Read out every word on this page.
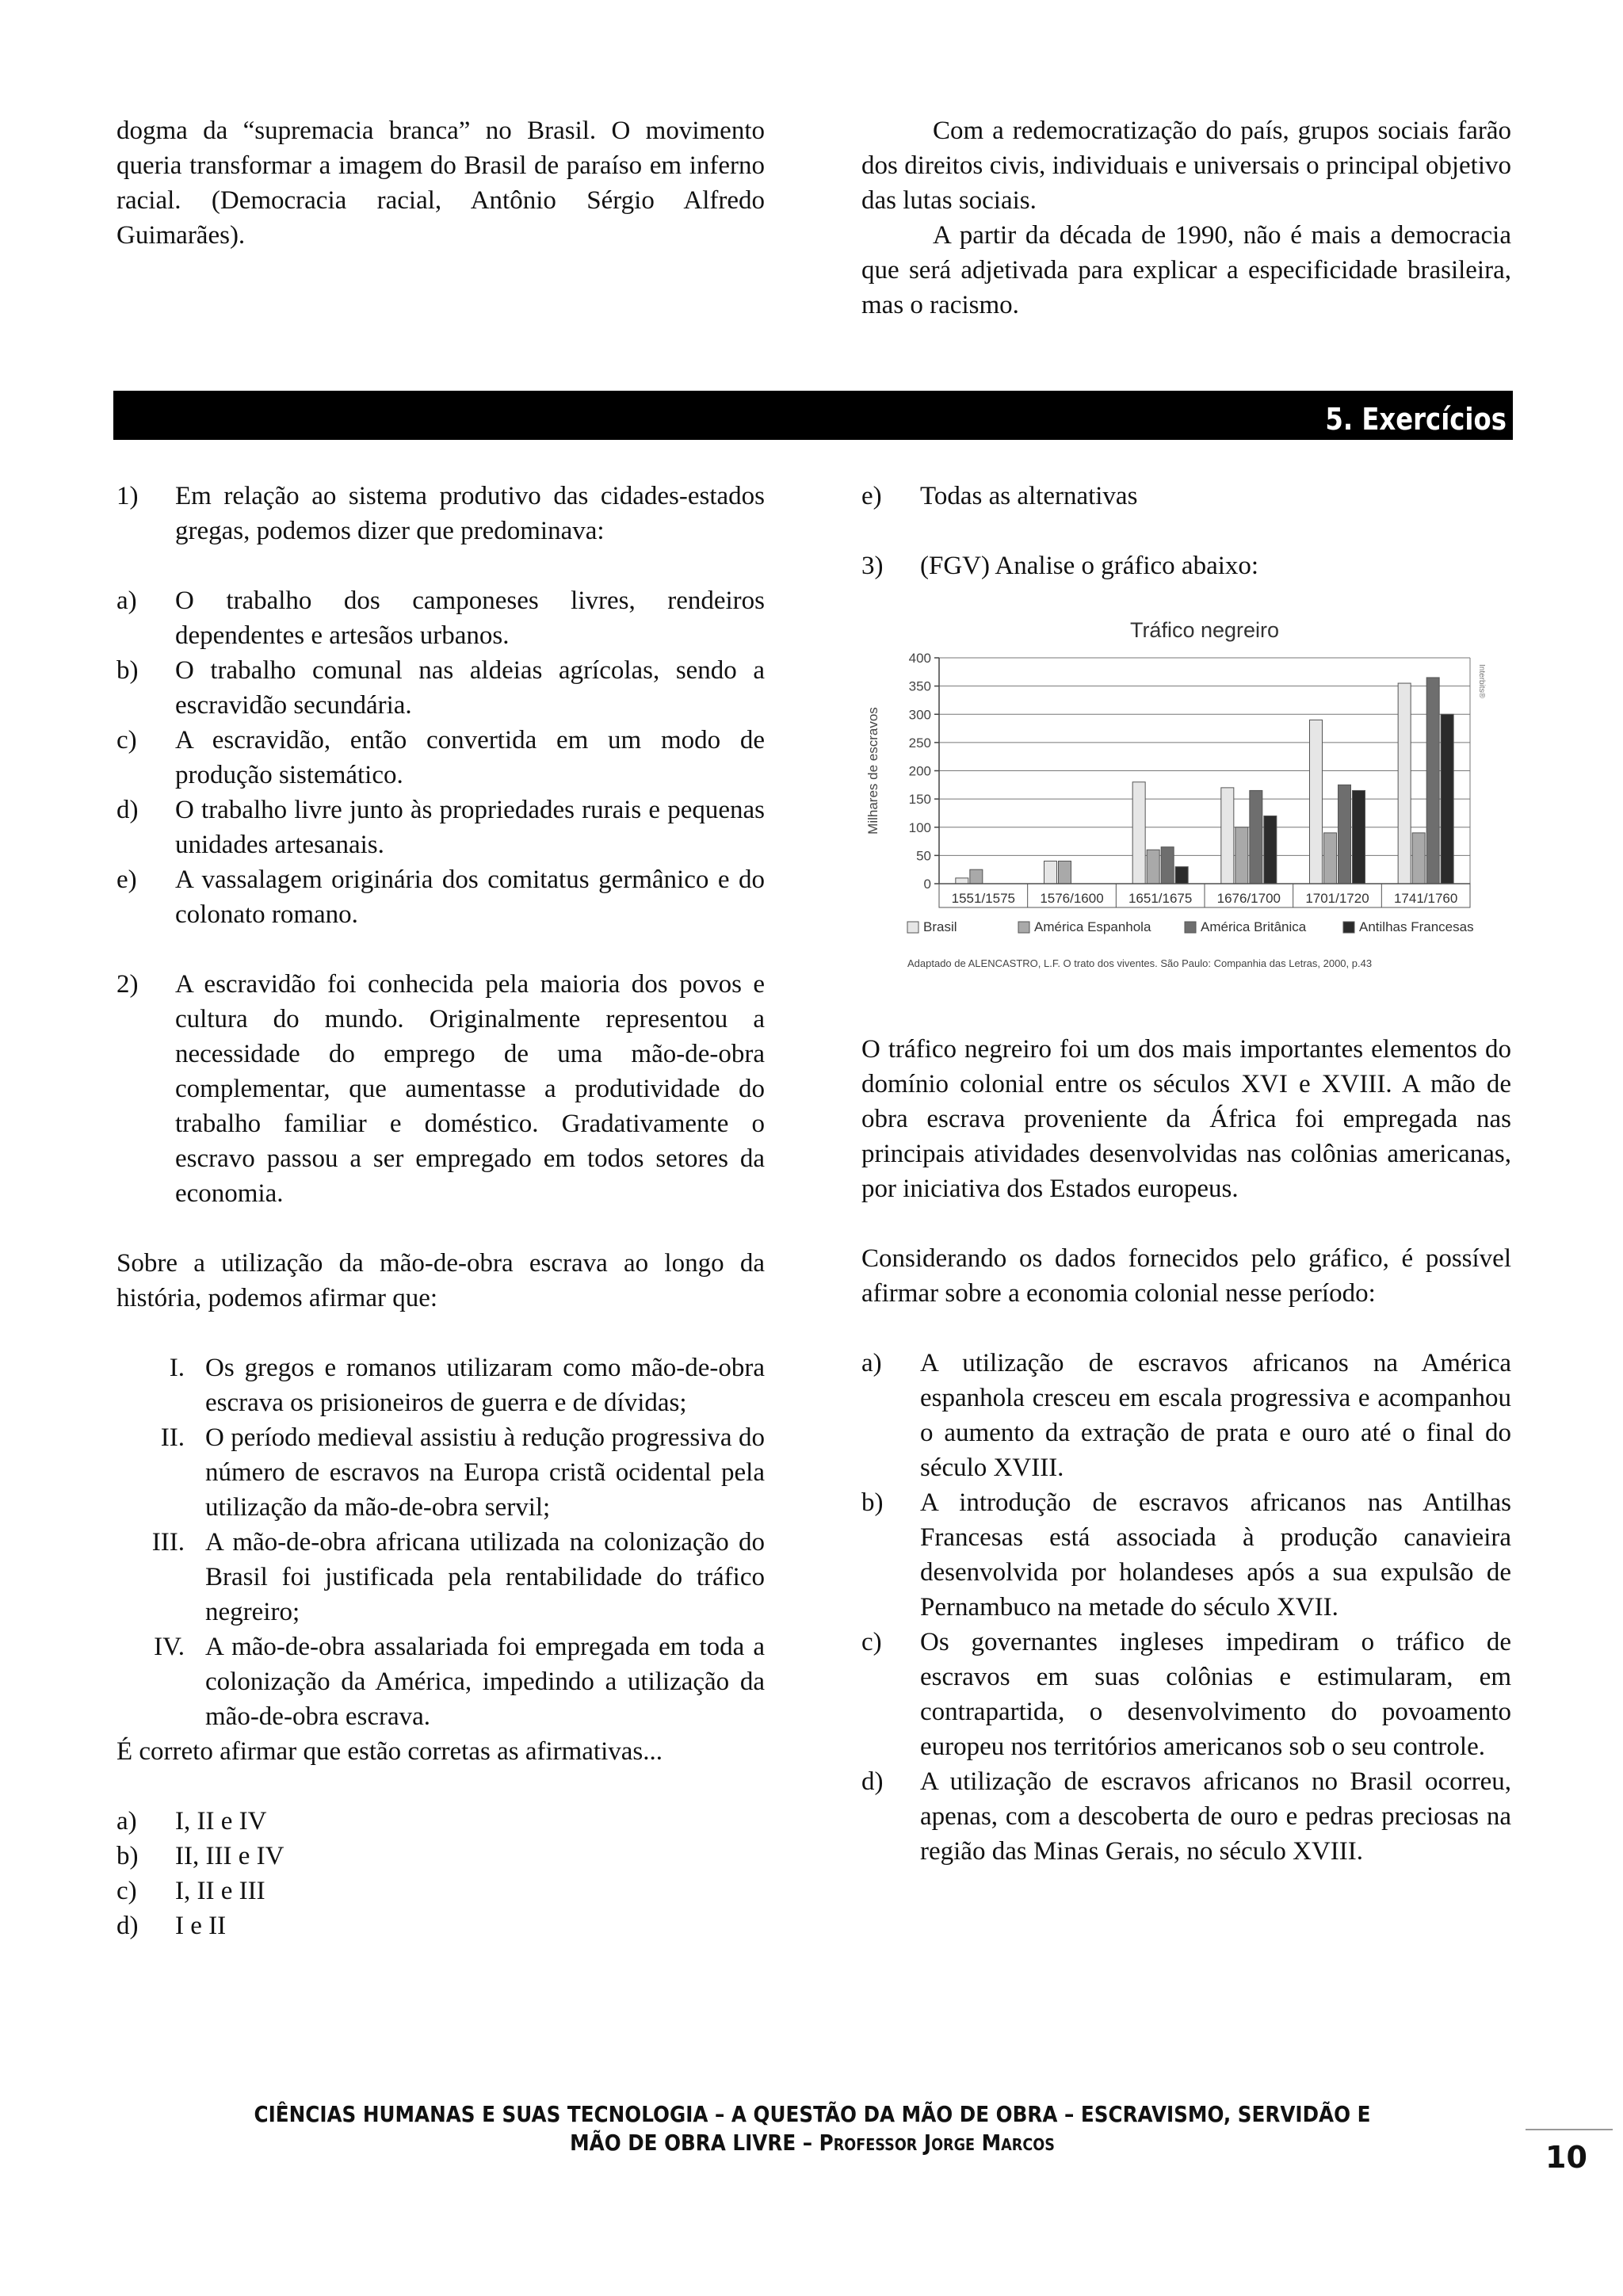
dogma da “supremacia branca” no Brasil. O movimento queria transformar a imagem do Brasil de paraíso em inferno racial. (Democracia racial, Antônio Sérgio Alfredo Guimarães).

Com a redemocratização do país, grupos sociais farão dos direitos civis, individuais e universais o principal objetivo das lutas sociais.

A partir da década de 1990, não é mais a democracia que será adjetivada para explicar a especificidade brasileira, mas o racismo.

5. Exercícios
1)	Em relação ao sistema produtivo das cidades-estados gregas, podemos dizer que predominava:
a)	O trabalho dos camponeses livres, rendeiros dependentes e artesãos urbanos.
b)	O trabalho comunal nas aldeias agrícolas, sendo a escravidão secundária.
c)	A escravidão, então convertida em um modo de produção sistemático.
d)	O trabalho livre junto às propriedades rurais e pequenas unidades artesanais.
e)	A vassalagem originária dos comitatus germânico e do colonato romano.
2)	A escravidão foi conhecida pela maioria dos povos e cultura do mundo. Originalmente representou a necessidade do emprego de uma mão-de-obra complementar, que aumentasse a produtividade do trabalho familiar e doméstico. Gradativamente o escravo passou a ser empregado em todos setores da economia.

Sobre a utilização da mão-de-obra escrava ao longo da história, podemos afirmar que:

I. Os gregos e romanos utilizaram como mão-de-obra escrava os prisioneiros de guerra e de dívidas;
II. O período medieval assistiu à redução progressiva do número de escravos na Europa cristã ocidental pela utilização da mão-de-obra servil;
III. A mão-de-obra africana utilizada na colonização do Brasil foi justificada pela rentabilidade do tráfico negreiro;
IV. A mão-de-obra assalariada foi empregada em toda a colonização da América, impedindo a utilização da mão-de-obra escrava.

É correto afirmar que estão corretas as afirmativas...

a)	I, II e IV
b)	II, III e IV
c)	I, II e III
d)	I e II
e)	Todas as alternativas
3)	(FGV) Analise o gráfico abaixo:
Tráfico negreiro
Milhares de escravos
0
50
100
150
200
250
300
350
400
1551/1575 1576/1600 1651/1675 1676/1700 1701/1720 1741/1760
Interbits®
Brasil	América Espanhola	América Britânica	Antilhas Francesas
Adaptado de ALENCASTRO, L.F. O trato dos viventes. São Paulo: Companhia das Letras, 2000, p.43

O tráfico negreiro foi um dos mais importantes elementos do domínio colonial entre os séculos XVI e XVIII. A mão de obra escrava proveniente da África foi empregada nas principais atividades desenvolvidas nas colônias americanas, por iniciativa dos Estados europeus.

Considerando os dados fornecidos pelo gráfico, é possível afirmar sobre a economia colonial nesse período:

a)	A utilização de escravos africanos na América espanhola cresceu em escala progressiva e acompanhou o aumento da extração de prata e ouro até o final do século XVIII.
b)	A introdução de escravos africanos nas Antilhas Francesas está associada à produção canavieira desenvolvida por holandeses após a sua expulsão de Pernambuco na metade do século XVII.
c)	Os governantes ingleses impediram o tráfico de escravos em suas colônias e estimularam, em contrapartida, o desenvolvimento do povoamento europeu nos territórios americanos sob o seu controle.
d)	A utilização de escravos africanos no Brasil ocorreu, apenas, com a descoberta de ouro e pedras preciosas na região das Minas Gerais, no século XVIII.
CIÊNCIAS HUMANAS E SUAS TECNOLOGIA – A QUESTÃO DA MÃO DE OBRA – ESCRAVISMO, SERVIDÃO E
MÃO DE OBRA LIVRE – Professor Jorge Marcos	10
